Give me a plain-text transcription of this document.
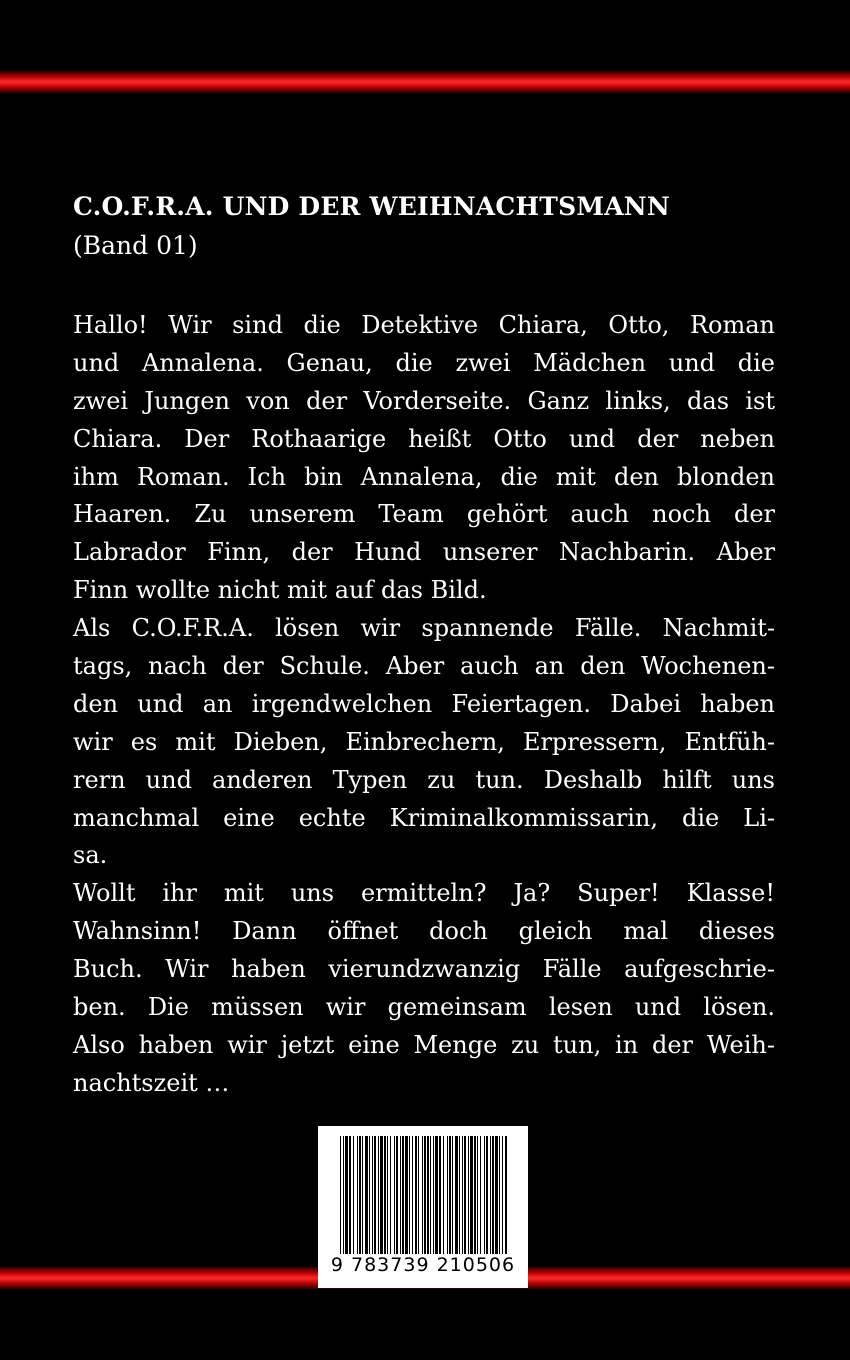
C.O.F.R.A. UND DER WEIHNACHTSMANN
(Band 01)
Hallo! Wir sind die Detektive Chiara, Otto, Roman
und Annalena. Genau, die zwei Mädchen und die
zwei Jungen von der Vorderseite. Ganz links, das ist
Chiara. Der Rothaarige heißt Otto und der neben
ihm Roman. Ich bin Annalena, die mit den blonden
Haaren. Zu unserem Team gehört auch noch der
Labrador Finn, der Hund unserer Nachbarin. Aber
Finn wollte nicht mit auf das Bild.
Als C.O.F.R.A. lösen wir spannende Fälle. Nachmit-
tags, nach der Schule. Aber auch an den Wochenen-
den und an irgendwelchen Feiertagen. Dabei haben
wir es mit Dieben, Einbrechern, Erpressern, Entfüh-
rern und anderen Typen zu tun. Deshalb hilft uns
manchmal eine echte Kriminalkommissarin, die Li-
sa.
Wollt ihr mit uns ermitteln? Ja? Super! Klasse!
Wahnsinn! Dann öffnet doch gleich mal dieses
Buch. Wir haben vierundzwanzig Fälle aufgeschrie-
ben. Die müssen wir gemeinsam lesen und lösen.
Also haben wir jetzt eine Menge zu tun, in der Weih-
nachtszeit …
9 783739 210506
